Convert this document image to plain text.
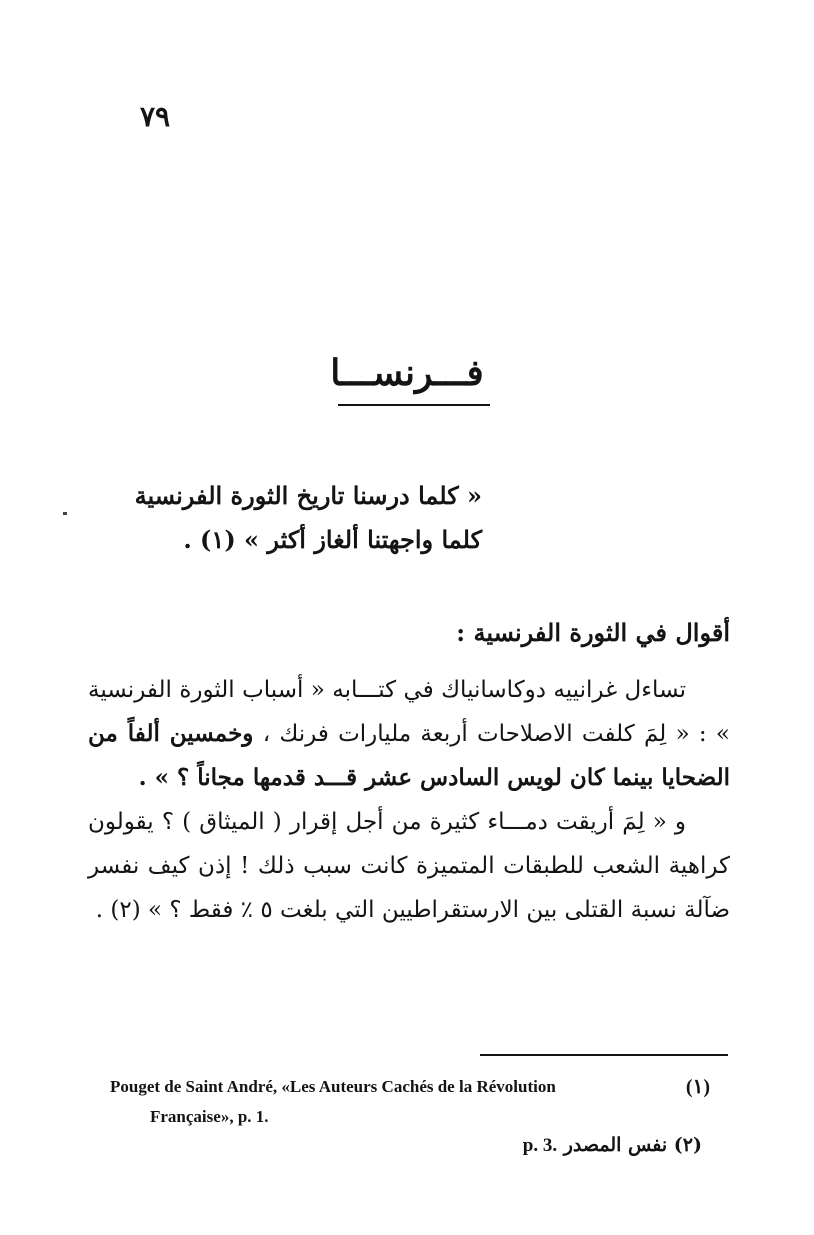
٧٩
فـــرنســـا
« كلما درسنا تاريخ الثورة الفرنسية
كلما واجهتنا ألغاز أكثر » (١) .
أقوال في الثورة الفرنسية :

تساءل غرانييه دوكاسانياك في كتـــابه « أسباب الثورة الفرنسية » : « لِمَ كلفت الاصلاحات أربعة مليارات فرنك ، وخمسين ألفاً من الضحايا بينما كان لويس السادس عشر قـــد قدمها مجاناً ؟ » .

و « لِمَ أريقت دمـــاء كثيرة من أجل إقرار ( الميثاق ) ؟ يقولون كراهية الشعب للطبقات المتميزة كانت سبب ذلك ! إذن كيف نفسر ضآلة نسبة القتلى بين الارستقراطيين التي بلغت ٥ ٪ فقط ؟ » (٢) .

Pouget de Saint André, «Les Auteurs Cachés de la Révolution
Française», p. 1.
(١)
(٢) نفس المصدر p. 3.
